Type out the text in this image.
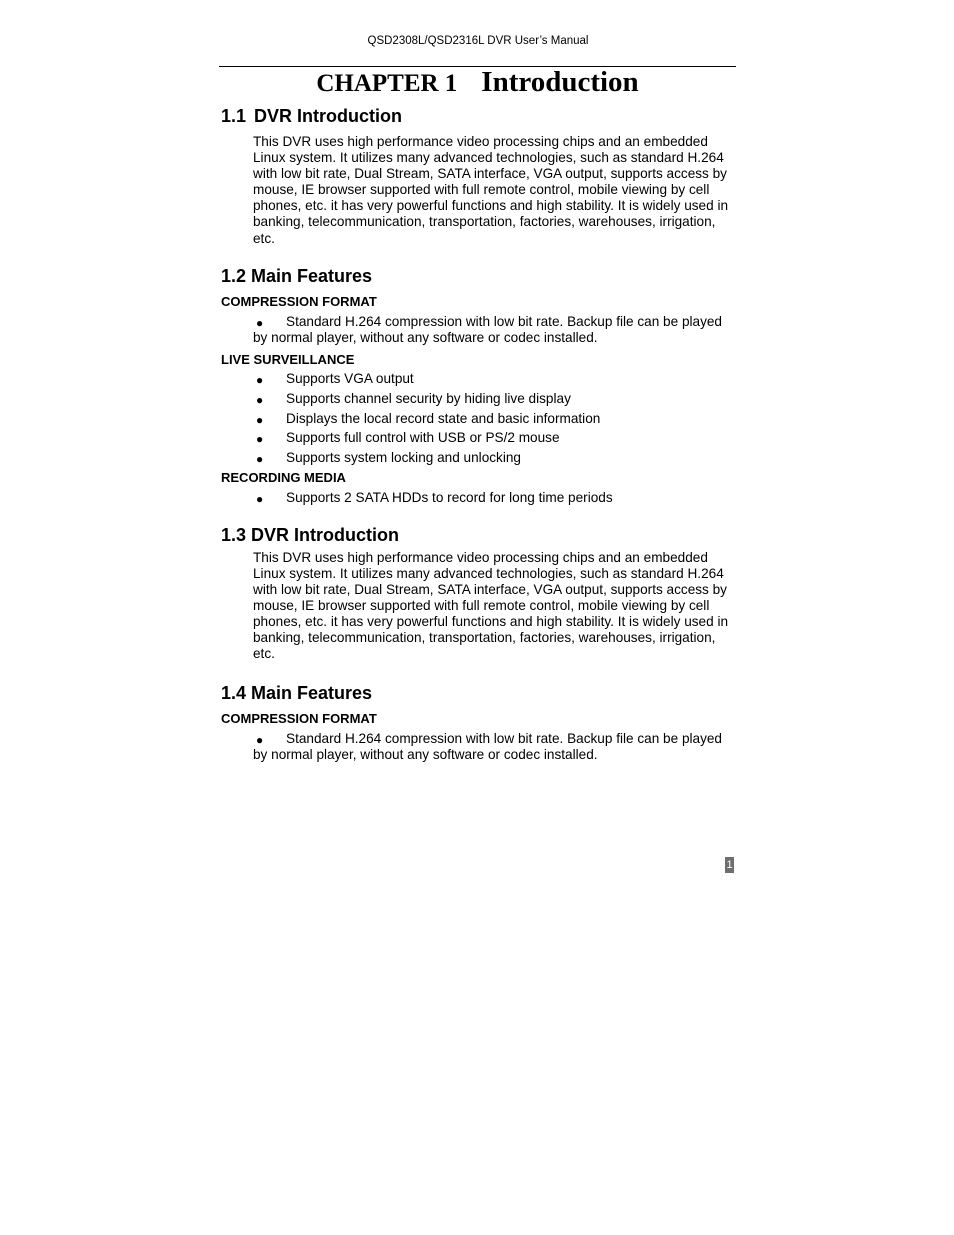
QSD2308L/QSD2316L DVR User’s Manual
CHAPTER 1 Introduction
1.1 DVR Introduction

This DVR uses high performance video processing chips and an embedded Linux system. It utilizes many advanced technologies, such as standard H.264 with low bit rate, Dual Stream, SATA interface, VGA output, supports access by mouse, IE browser supported with full remote control, mobile viewing by cell phones, etc. it has very powerful functions and high stability. It is widely used in banking, telecommunication, transportation, factories, warehouses, irrigation, etc.

1.2 Main Features
COMPRESSION FORMAT
● Standard H.264 compression with low bit rate. Backup file can be played by normal player, without any software or codec installed.
LIVE SURVEILLANCE
● Supports VGA output
● Supports channel security by hiding live display
● Displays the local record state and basic information
● Supports full control with USB or PS/2 mouse
● Supports system locking and unlocking
RECORDING MEDIA
● Supports 2 SATA HDDs to record for long time periods
1.3 DVR Introduction

This DVR uses high performance video processing chips and an embedded Linux system. It utilizes many advanced technologies, such as standard H.264 with low bit rate, Dual Stream, SATA interface, VGA output, supports access by mouse, IE browser supported with full remote control, mobile viewing by cell phones, etc. it has very powerful functions and high stability. It is widely used in banking, telecommunication, transportation, factories, warehouses, irrigation, etc.

1.4 Main Features
COMPRESSION FORMAT
● Standard H.264 compression with low bit rate. Backup file can be played by normal player, without any software or codec installed.
1
